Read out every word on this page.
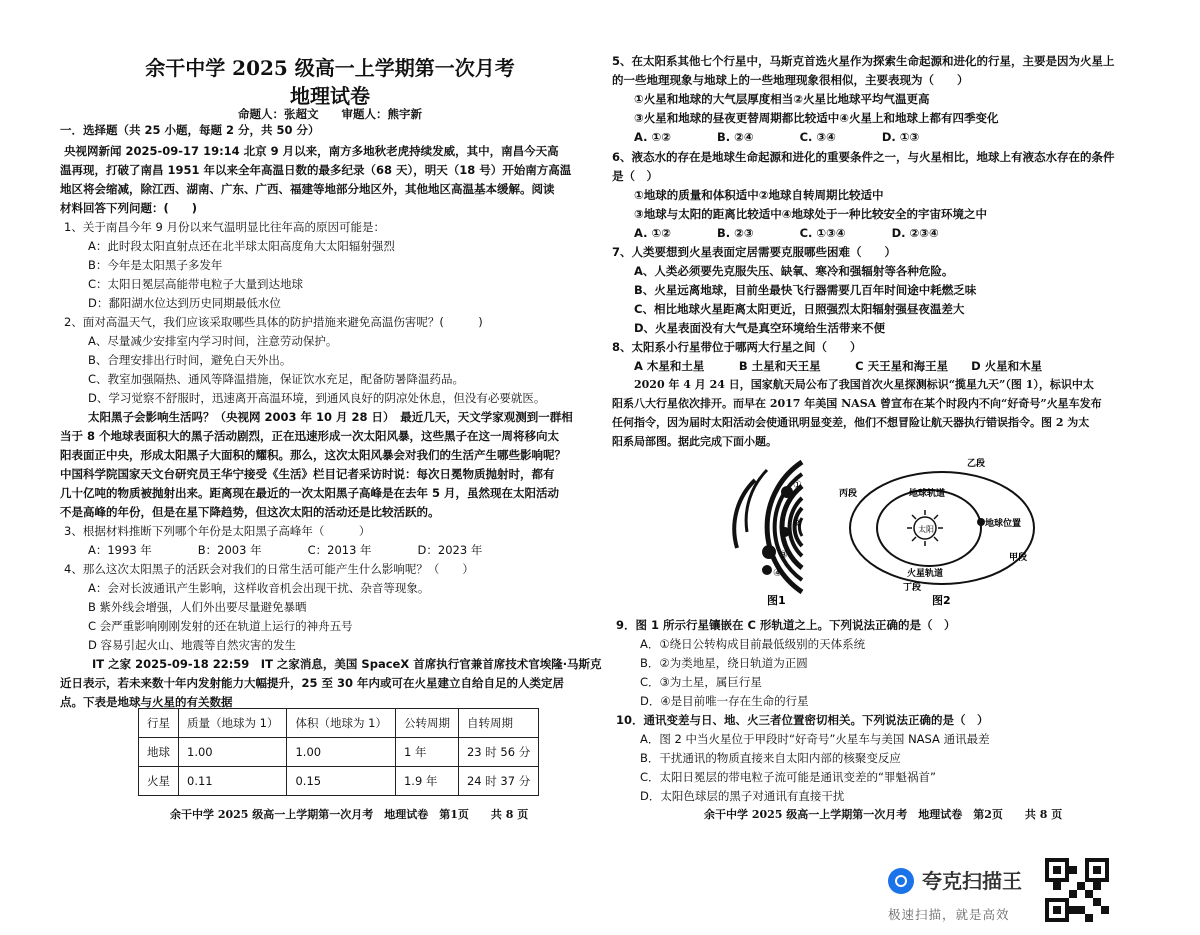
余干中学 2025 级高一上学期第一次月考
地理试卷
命题人：张超文　　审题人：熊宇新
一．选择题（共 25 小题，每题 2 分，共 50 分）
央视网新闻 2025-09-17 19:14 北京 9 月以来，南方多地秋老虎持续发威，其中，南昌今天高
温再现，打破了南昌 1951 年以来全年高温日数的最多纪录（68 天），明天（18 号）开始南方高温
地区将会缩减，除江西、湖南、广东、广西、福建等地部分地区外，其他地区高温基本缓解。阅读
材料回答下列问题：(　　)
1、关于南昌今年 9 月份以来气温明显比往年高的原因可能是：
A：此时段太阳直射点还在北半球太阳高度角大太阳辐射强烈
B：今年是太阳黑子多发年
C：太阳日冕层高能带电粒子大量到达地球
D：鄱阳湖水位达到历史同期最低水位
2、面对高温天气，我们应该采取哪些具体的防护措施来避免高温伤害呢？(　　　)
A、尽量减少安排室内学习时间，注意劳动保护。
B、合理安排出行时间，避免白天外出。
C、教室加强隔热、通风等降温措施，保证饮水充足，配备防暑降温药品。
D、学习觉察不舒服时，迅速离开高温环境，到通风良好的阴凉处休息，但没有必要就医。
太阳黑子会影响生活吗？（央视网 2003 年 10 月 28 日）　最近几天，天文学家观测到一群相
当于 8 个地球表面积大的黑子活动剧烈，正在迅速形成一次太阳风暴，这些黑子在这一周将移向太
阳表面正中央，形成太阳黑子大面积的耀积。那么，这次太阳风暴会对我们的生活产生哪些影响呢？
中国科学院国家天文台研究员王华宁接受《生活》栏目记者采访时说：每次日冕物质抛射时，都有
几十亿吨的物质被抛射出来。距离现在最近的一次太阳黑子高峰是在去年 5 月，虽然现在太阳活动
不是高峰的年份，但是在星下降趋势，但这次太阳的活动还是比较活跃的。
3、根据材料推断下列哪个年份是太阳黑子高峰年（　　　）
A：1993 年　　　　B：2003 年　　　　C：2013 年　　　　D：2023 年
4、那么这次太阳黑子的活跃会对我们的日常生活可能产生什么影响呢？（　　）
A：会对长波通讯产生影响，这样收音机会出现干扰、杂音等现象。
B 紫外线会增强，人们外出要尽量避免暴晒
C 会严重影响刚刚发射的还在轨道上运行的神舟五号
D 容易引起火山、地震等自然灾害的发生
IT 之家 2025-09-18 22:59　IT 之家消息，美国 SpaceX 首席执行官兼首席技术官埃隆·马斯克
近日表示，若未来数十年内发射能力大幅提升，25 至 30 年内或可在火星建立自给自足的人类定居
点。下表是地球与火星的有关数据
行星	质量（地球为 1）	体积（地球为 1）	公转周期	自转周期
地球	1.00	1.00	1 年	23 时 56 分
火星	0.11	0.15	1.9 年	24 时 37 分
余干中学 2025 级高一上学期第一次月考　地理试卷　第1页　　共 8 页
5、在太阳系其他七个行星中，马斯克首选火星作为探索生命起源和进化的行星，主要是因为火星上
的一些地理现象与地球上的一些地理现象很相似，主要表现为（　　）
①火星和地球的大气层厚度相当②火星比地球平均气温更高
③火星和地球的昼夜更替周期都比较适中④火星上和地球上都有四季变化
A. ①②　　　　B. ②④　　　　C. ③④　　　　D. ①③
6、液态水的存在是地球生命起源和进化的重要条件之一，与火星相比，地球上有液态水存在的条件
是（　）
①地球的质量和体积适中②地球自转周期比较适中
③地球与太阳的距离比较适中④地球处于一种比较安全的宇宙环境之中
A. ①②　　　　B. ②③　　　　C. ①③④　　　　D. ②③④
7、人类要想到火星表面定居需要克服哪些困难（　　）
A、人类必须要先克服失压、缺氧、寒冷和强辐射等各种危险。
B、火星远离地球，目前坐最快飞行器需要几百年时间途中耗燃乏味
C、相比地球火星距离太阳更近，日照强烈太阳辐射强昼夜温差大
D、火星表面没有大气是真空环境给生活带来不便
8、太阳系小行星带位于哪两大行星之间（　　）
A 木星和土星　　　B 土星和天王星　　　C 天王星和海王星　　D 火星和木星
　　2020 年 4 月 24 日，国家航天局公布了我国首次火星探测标识“揽星九天”（图 1），标识中太
阳系八大行星依次排开。而早在 2017 年美国 NASA 曾宣布在某个时段内不向“好奇号”火星车发布
任何指令，因为届时太阳活动会使通讯明显变差，他们不想冒险让航天器执行错误指令。图 2 为太
阳系局部图。据此完成下面小题。
①
②
③
④
图1
太阳
地球轨道
火星轨道
地球位置
乙段
丙段
甲段
丁段
图2
9．图 1 所示行星镶嵌在 C 形轨道之上。下列说法正确的是（　）
A．①绕日公转构成目前最低级别的天体系统
B．②为类地星，绕日轨道为正圆
C．③为土星，属巨行星
D．④是目前唯一存在生命的行星
10．通讯变差与日、地、火三者位置密切相关。下列说法正确的是（　）
A．图 2 中当火星位于甲段时“好奇号”火星车与美国 NASA 通讯最差
B．干扰通讯的物质直接来自太阳内部的核聚变反应
C．太阳日冕层的带电粒子流可能是通讯变差的“罪魁祸首”
D．太阳色球层的黑子对通讯有直接干扰
余干中学 2025 级高一上学期第一次月考　地理试卷　第2页　　共 8 页
夸克扫描王
极速扫描，就是高效
